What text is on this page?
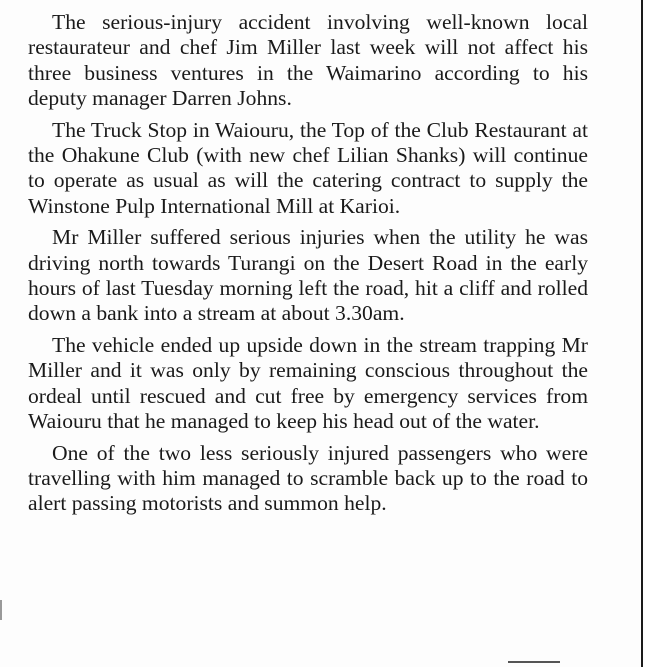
The serious-injury accident involving well-known local restaurateur and chef Jim Miller last week will not affect his three business ventures in the Waimarino according to his deputy manager Darren Johns.

The Truck Stop in Waiouru, the Top of the Club Restaurant at the Ohakune Club (with new chef Lilian Shanks) will continue to operate as usual as will the catering contract to supply the Winstone Pulp International Mill at Karioi.

Mr Miller suffered serious injuries when the utility he was driving north towards Turangi on the Desert Road in the early hours of last Tuesday morning left the road, hit a cliff and rolled down a bank into a stream at about 3.30am.

The vehicle ended up upside down in the stream trapping Mr Miller and it was only by remaining conscious throughout the ordeal until rescued and cut free by emergency services from Waiouru that he managed to keep his head out of the water.

One of the two less seriously injured passengers who were travelling with him managed to scramble back up to the road to alert passing motorists and summon help.
